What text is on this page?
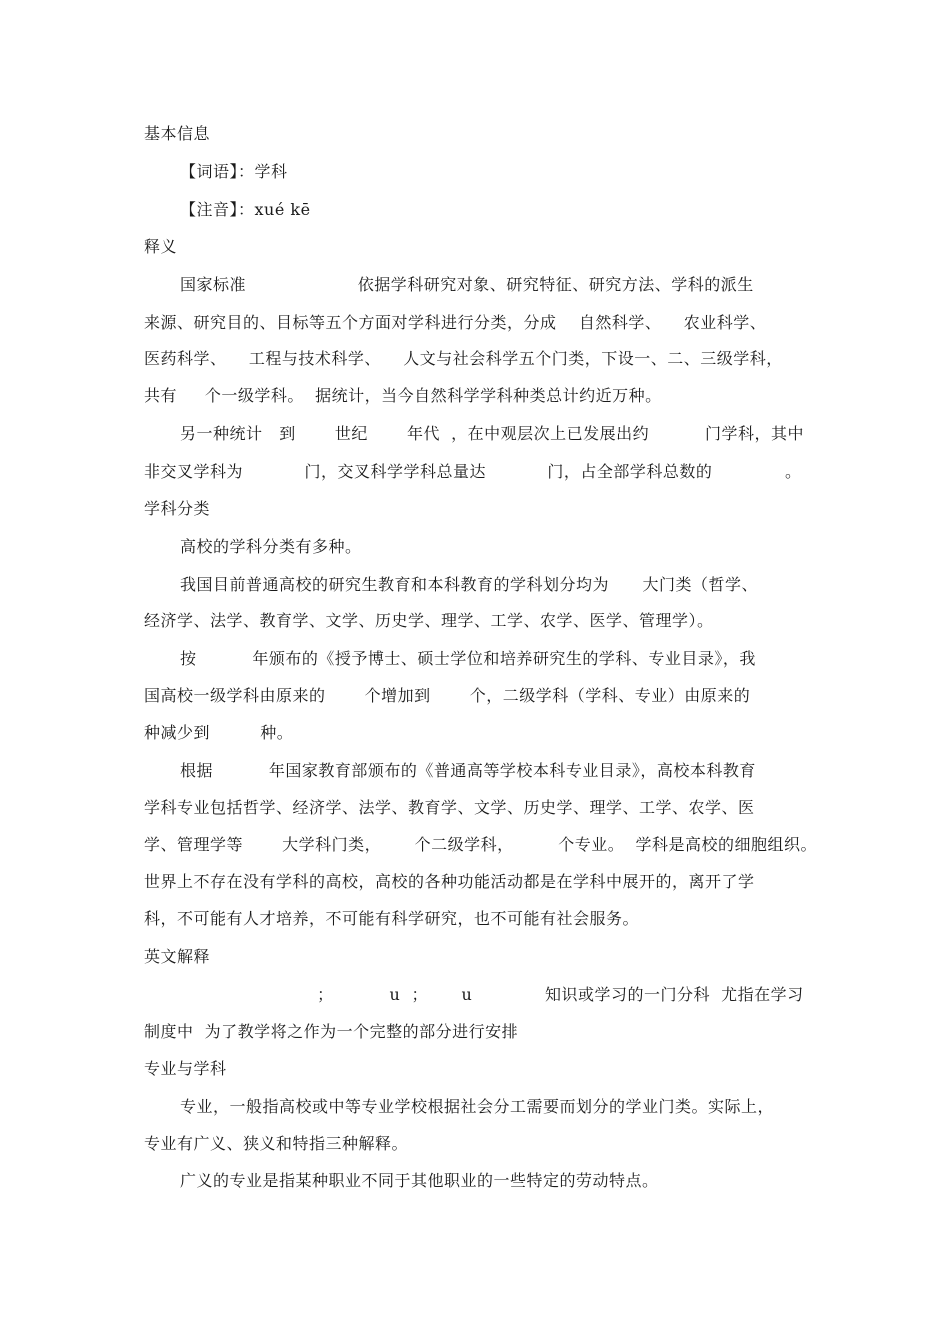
基本信息
【词语】：学科
【注音】：xué kē
释义
国家标准                    依据学科研究对象、研究特征、研究方法、学科的派生
来源、研究目的、目标等五个方面对学科进行分类，分成    自然科学、    农业科学、
医药科学、    工程与技术科学、    人文与社会科学五个门类，下设一、二、三级学科，
共有     个一级学科。  据统计，当今自然科学学科种类总计约近万种。
另一种统计   到       世纪       年代  ，在中观层次上已发展出约          门学科，其中
非交叉学科为           门，交叉科学学科总量达           门，占全部学科总数的             。
学科分类
高校的学科分类有多种。
我国目前普通高校的研究生教育和本科教育的学科划分均为      大门类（哲学、
经济学、法学、教育学、文学、历史学、理学、工学、农学、医学、管理学）。
按          年颁布的《授予博士、硕士学位和培养研究生的学科、专业目录》，我
国高校一级学科由原来的       个增加到       个，二级学科（学科、专业）由原来的
种减少到         种。
根据          年国家教育部颁布的《普通高等学校本科专业目录》，高校本科教育
学科专业包括哲学、经济学、法学、教育学、文学、历史学、理学、工学、农学、医
学、管理学等       大学科门类，      个二级学科，        个专业。  学科是高校的细胞组织。
世界上不存在没有学科的高校，高校的各种功能活动都是在学科中展开的，离开了学
科，不可能有人才培养，不可能有科学研究，也不可能有社会服务。
英文解释
；          u  ；      u             知识或学习的一门分科  尤指在学习
制度中  为了教学将之作为一个完整的部分进行安排
专业与学科
专业，一般指高校或中等专业学校根据社会分工需要而划分的学业门类。实际上，
专业有广义、狭义和特指三种解释。
广义的专业是指某种职业不同于其他职业的一些特定的劳动特点。
